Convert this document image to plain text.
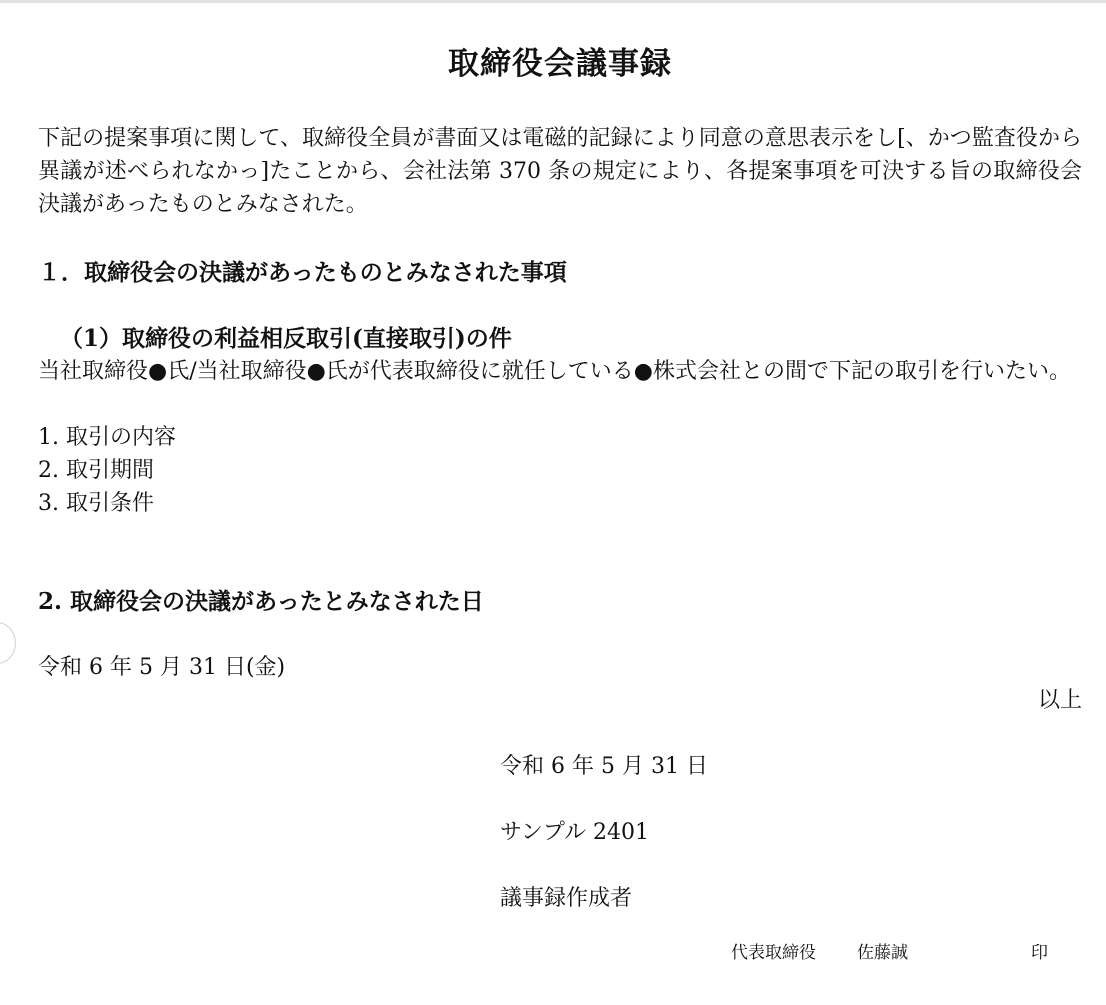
取締役会議事録
下記の提案事項に関して、取締役全員が書面又は電磁的記録により同意の意思表示をし[、かつ監査役から異議が述べられなかっ]たことから、会社法第 370 条の規定により、各提案事項を可決する旨の取締役会決議があったものとみなされた。
１．取締役会の決議があったものとみなされた事項
（1）取締役の利益相反取引(直接取引)の件
当社取締役●氏/当社取締役●氏が代表取締役に就任している●株式会社との間で下記の取引を行いたい。
1. 取引の内容
2. 取引期間
3. 取引条件
2. 取締役会の決議があったとみなされた日
令和 6 年 5 月 31 日(金)
以上
令和 6 年 5 月 31 日
サンプル 2401
議事録作成者
代表取締役 佐藤誠	印
